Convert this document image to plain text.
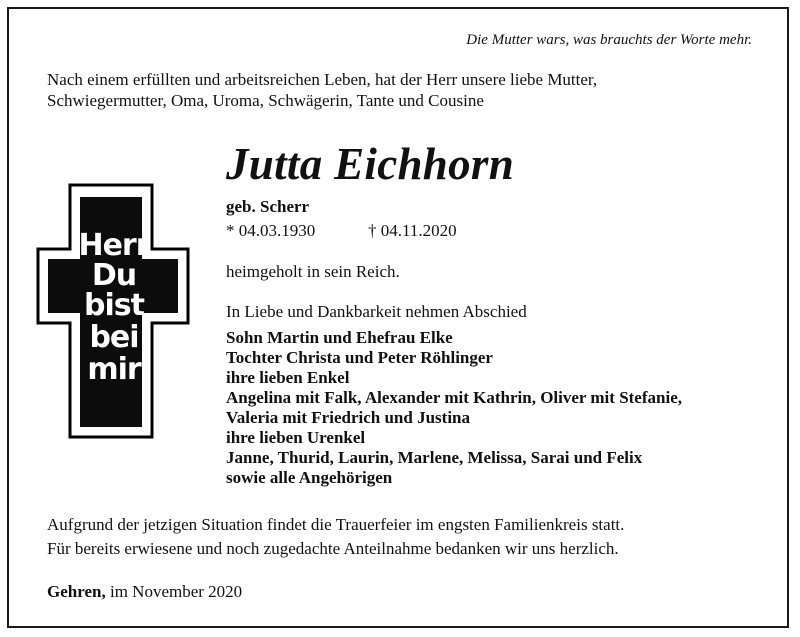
Die Mutter wars, was brauchts der Worte mehr.
Nach einem erfüllten und arbeitsreichen Leben, hat der Herr unsere liebe Mutter,
Schwiegermutter, Oma, Uroma, Schwägerin, Tante und Cousine
Herr
Du
bist
bei
mir
Jutta Eichhorn
geb. Scherr
* 04.03.1930	† 04.11.2020
heimgeholt in sein Reich.
In Liebe und Dankbarkeit nehmen Abschied
Sohn Martin und Ehefrau Elke
Tochter Christa und Peter Röhlinger
ihre lieben Enkel
Angelina mit Falk, Alexander mit Kathrin, Oliver mit Stefanie,
Valeria mit Friedrich und Justina
ihre lieben Urenkel
Janne, Thurid, Laurin, Marlene, Melissa, Sarai und Felix
sowie alle Angehörigen
Aufgrund der jetzigen Situation findet die Trauerfeier im engsten Familienkreis statt.
Für bereits erwiesene und noch zugedachte Anteilnahme bedanken wir uns herzlich.
Gehren, im November 2020
